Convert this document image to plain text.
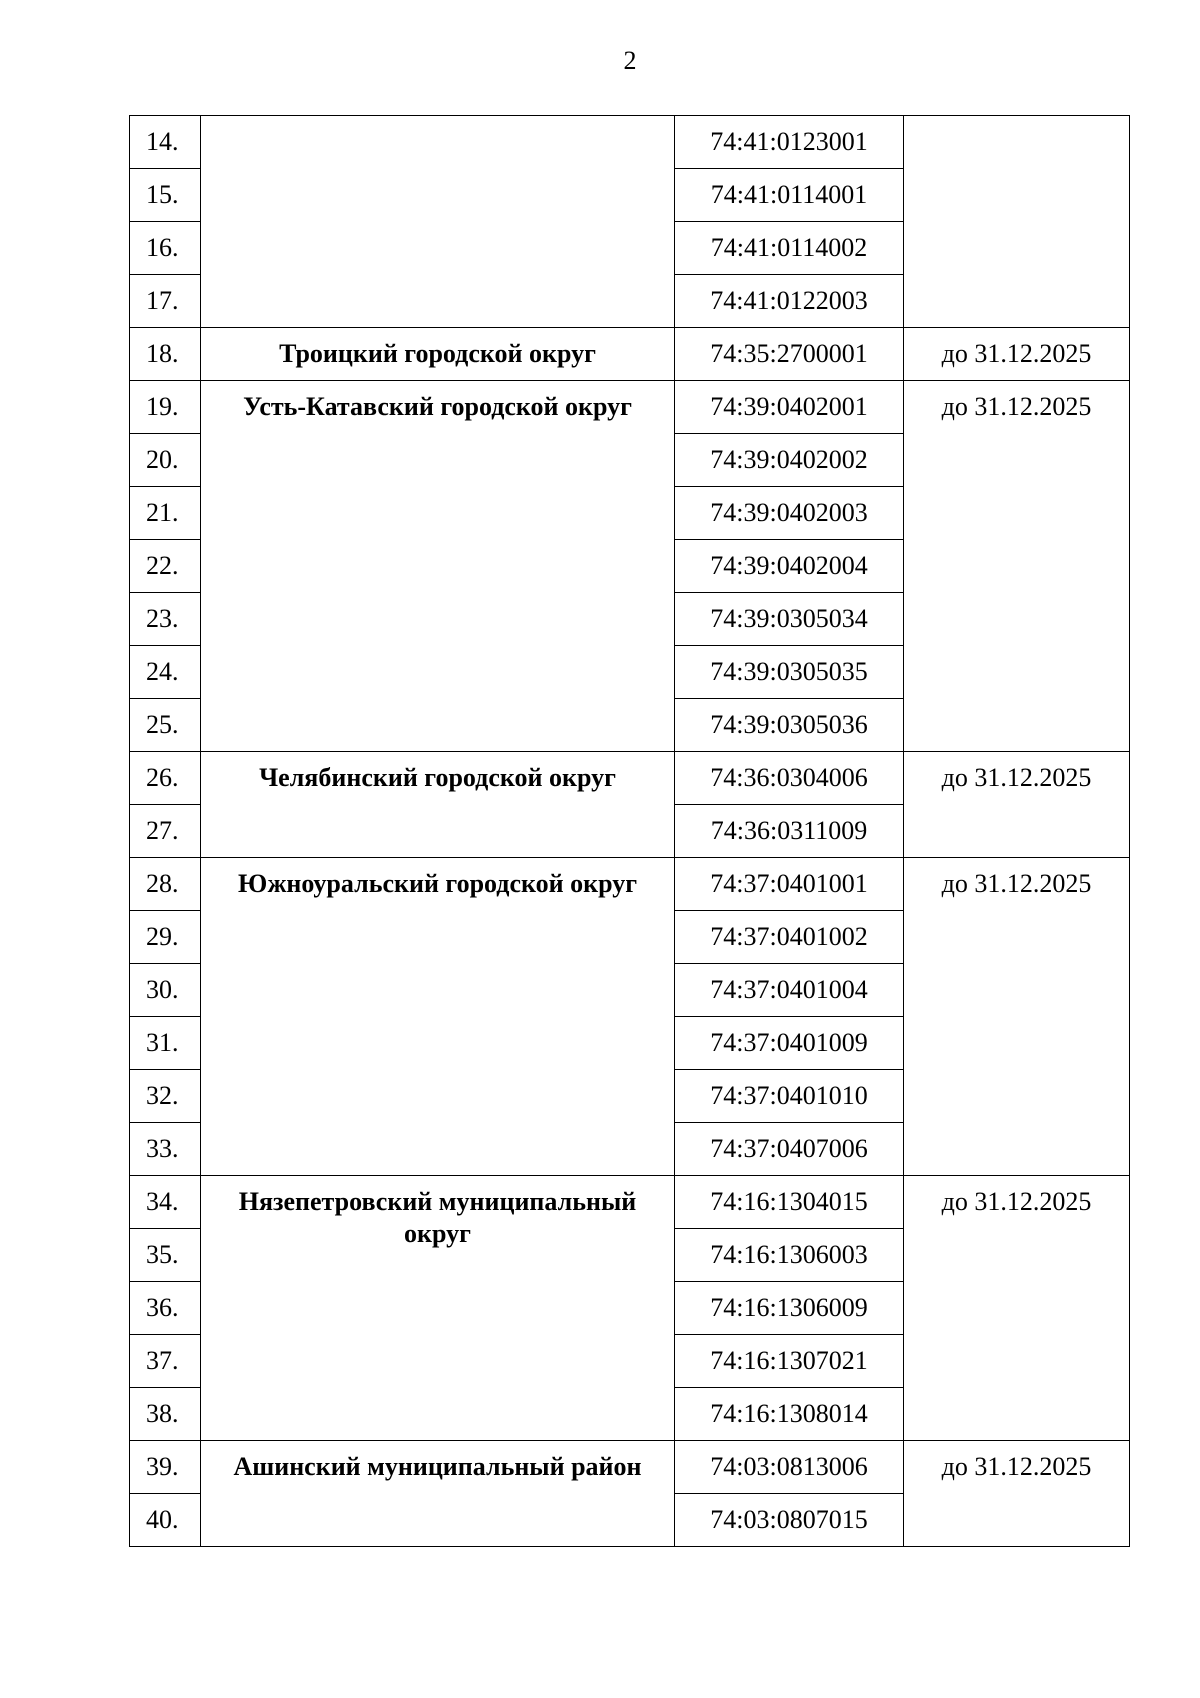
2
14.		74:41:0123001	
15.		74:41:0114001	
16.		74:41:0114002	
17.		74:41:0122003	
18.	Троицкий городской округ	74:35:2700001	до 31.12.2025
19.	Усть-Катавский городской округ	74:39:0402001	до 31.12.2025
20.		74:39:0402002	
21.		74:39:0402003	
22.		74:39:0402004	
23.		74:39:0305034	
24.		74:39:0305035	
25.		74:39:0305036	
26.	Челябинский городской округ	74:36:0304006	до 31.12.2025
27.		74:36:0311009	
28.	Южноуральский городской округ	74:37:0401001	до 31.12.2025
29.		74:37:0401002	
30.		74:37:0401004	
31.		74:37:0401009	
32.		74:37:0401010	
33.		74:37:0407006	
34.	Нязепетровский муниципальный округ	74:16:1304015	до 31.12.2025
35.		74:16:1306003	
36.		74:16:1306009	
37.		74:16:1307021	
38.		74:16:1308014	
39.	Ашинский муниципальный район	74:03:0813006	до 31.12.2025
40.		74:03:0807015	
